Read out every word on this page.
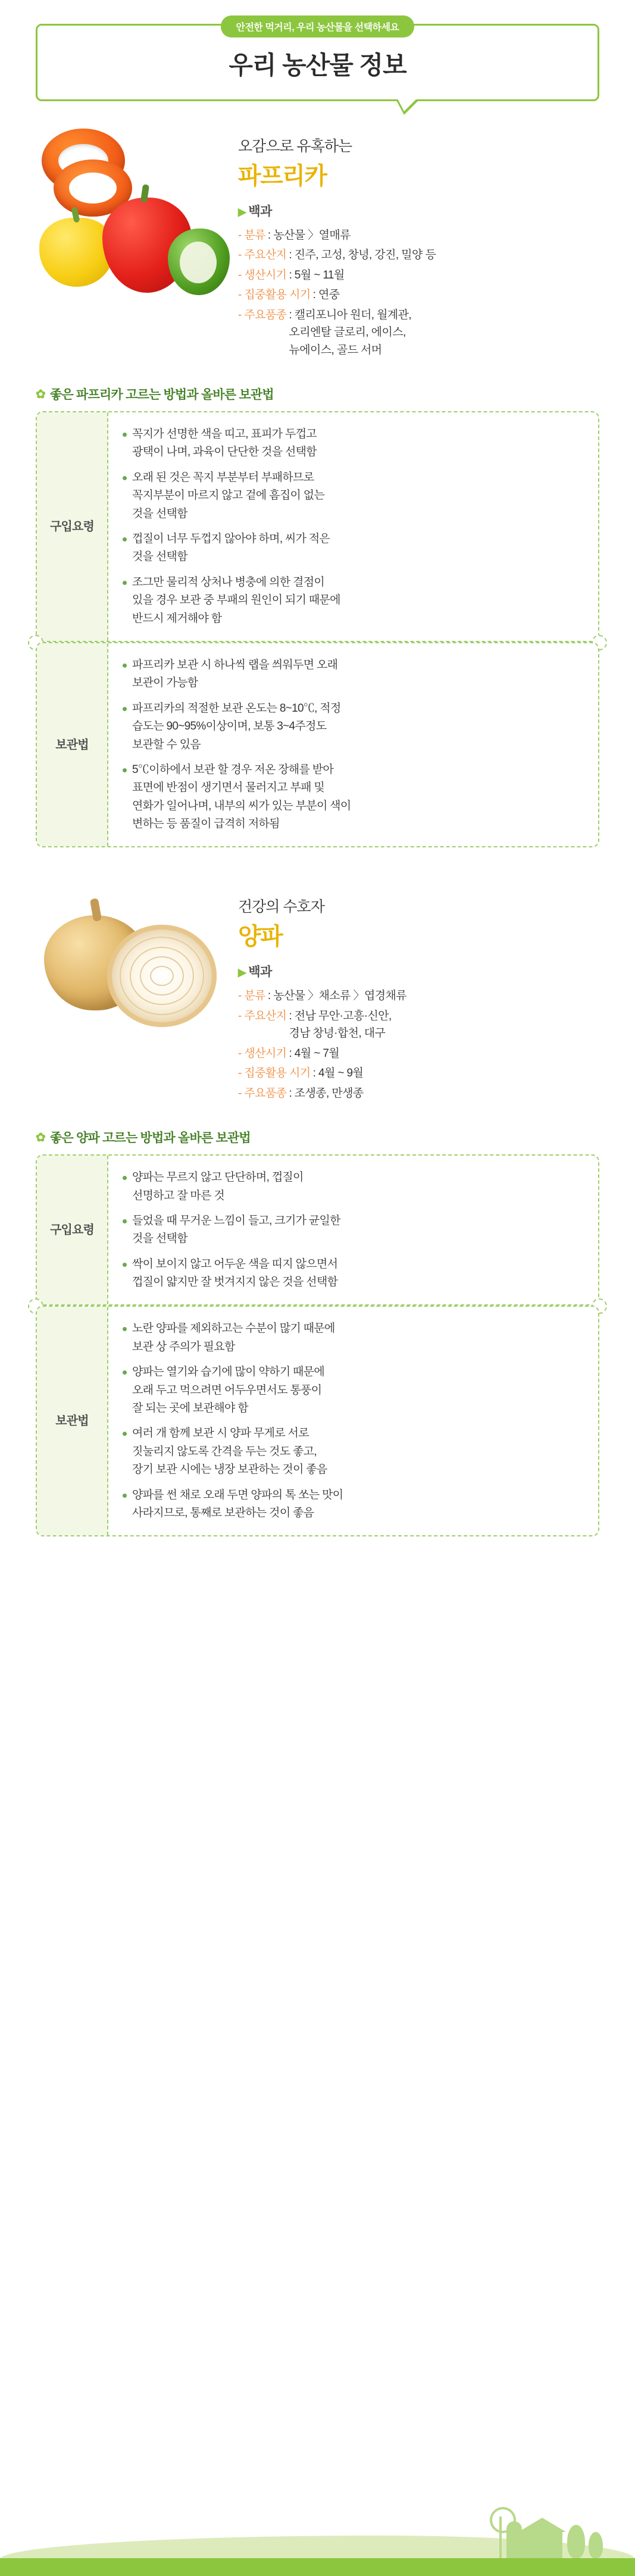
안전한 먹거리, 우리 농산물을 선택하세요
우리 농산물 정보
오감으로 유혹하는
파프리카
▶ 백과
- 분류 : 농산물 〉열매류
- 주요산지 : 진주, 고성, 창녕, 강진, 밀양 등
- 생산시기 : 5월 ~ 11월
- 집중활용 시기 : 연중
- 주요품종 : 캘리포니아 원더, 월계관,
오리엔탈 글로리, 에이스,
뉴에이스, 골드 서머
✿ 좋은 파프리카 고르는 방법과 올바른 보관법
구입 요령
꼭지가 선명한 색을 띠고, 표피가 두껍고
광택이 나며, 과육이 단단한 것을 선택함
오래 된 것은 꼭지 부분부터 부패하므로
꼭지부분이 마르지 않고 겉에 흠집이 없는
것을 선택함
껍질이 너무 두껍지 않아야 하며, 씨가 적은
것을 선택함
조그만 물리적 상처나 병충에 의한 결점이
있을 경우 보관 중 부패의 원인이 되기 때문에
반드시 제거해야 함
보관법
파프리카 보관 시 하나씩 랩을 씌워두면 오래
보관이 가능함
파프리카의 적절한 보관 온도는 8~10℃, 적정
습도는 90~95%이상이며, 보통 3~4주정도
보관할 수 있음
5℃이하에서 보관 할 경우 저온 장해를 받아
표면에 반점이 생기면서 물러지고 부패 및
연화가 일어나며, 내부의 씨가 있는 부분이 색이
변하는 등 품질이 급격히 저하됨
건강의 수호자
양파
▶ 백과
- 분류 : 농산물 〉채소류 〉엽경채류
- 주요산지 : 전남 무안·고흥·신안,
경남 창녕·합천, 대구
- 생산시기 : 4월 ~ 7월
- 집중활용 시기 : 4월 ~ 9월
- 주요품종 : 조생종, 만생종
✿ 좋은 양파 고르는 방법과 올바른 보관법
구입 요령
양파는 무르지 않고 단단하며, 껍질이
선명하고 잘 마른 것
들었을 때 무거운 느낌이 들고, 크기가 균일한
것을 선택함
싹이 보이지 않고 어두운 색을 띠지 않으면서
껍질이 얇지만 잘 벗겨지지 않은 것을 선택함
보관법
노란 양파를 제외하고는 수분이 많기 때문에
보관 상 주의가 필요함
양파는 열기와 습기에 많이 약하기 때문에
오래 두고 먹으려면 어두우면서도 통풍이
잘 되는 곳에 보관해야 함
여러 개 함께 보관 시 양파 무게로 서로
짓눌리지 않도록 간격을 두는 것도 좋고,
장기 보관 시에는 냉장 보관하는 것이 좋음
양파를 썬 채로 오래 두면 양파의 톡 쏘는 맛이
사라지므로, 통째로 보관하는 것이 좋음
